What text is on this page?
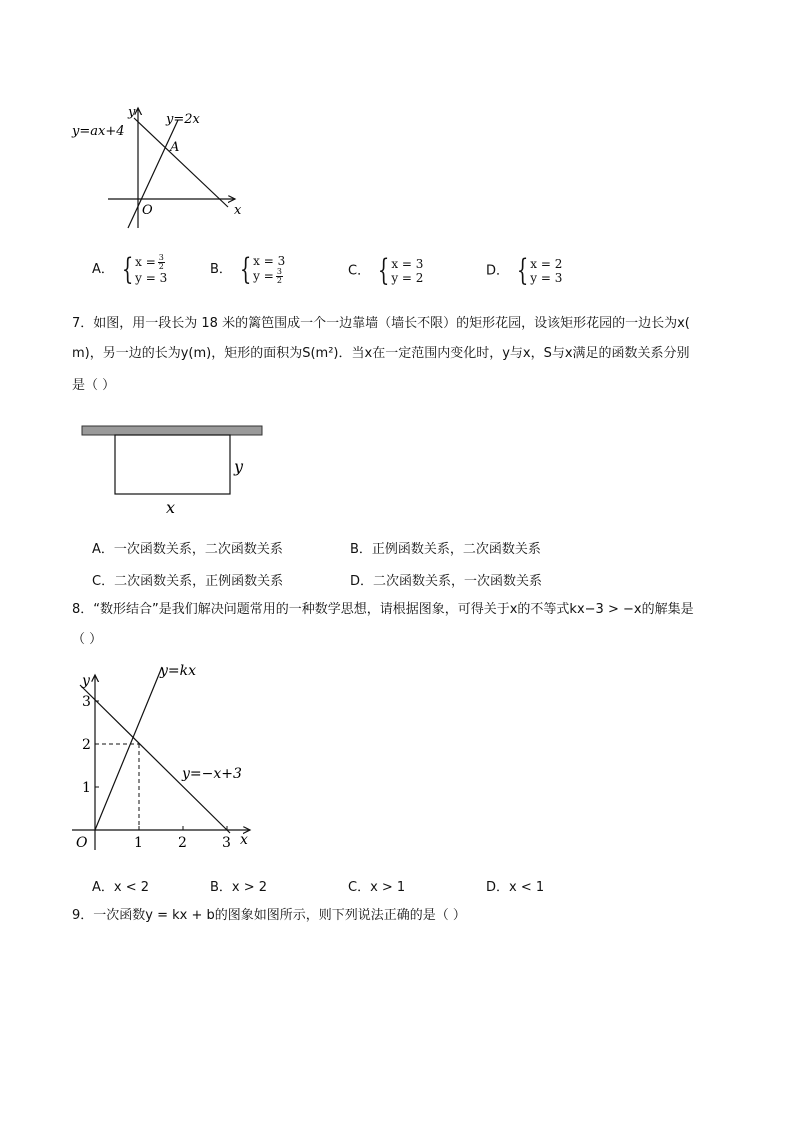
y=ax+4
y=2x
A
O	x
y
A． { $x = \frac{3}{2}$
y = 3
B． { x = 3
$y = \frac{3}{2}$	C． { x = 3
y = 2	D． { x = 2
y = 3
7．如图，用一段长为 18 米的篱笆围成一个一边靠墙（墙长不限）的矩形花园，设该矩形花园的一边长为x(
m)，另一边的长为y(m)，矩形的面积为S(m²)．当x在一定范围内变化时，y与x，S与x满足的函数关系分别
是（ ）
y
x
A．一次函数关系，二次函数关系	B．正例函数关系，二次函数关系
C．二次函数关系，正例函数关系	D．二次函数关系，一次函数关系
8．“数形结合”是我们解决问题常用的一种数学思想，请根据图象，可得关于x的不等式kx−3 > −x的解集是
（ ）
y=kx
y=−x+3
1	2	3
1
2
3
O	x
y
A．x < 2	B．x > 2	C．x > 1	D．x < 1
9．一次函数y = kx + b的图象如图所示，则下列说法正确的是（ ）
